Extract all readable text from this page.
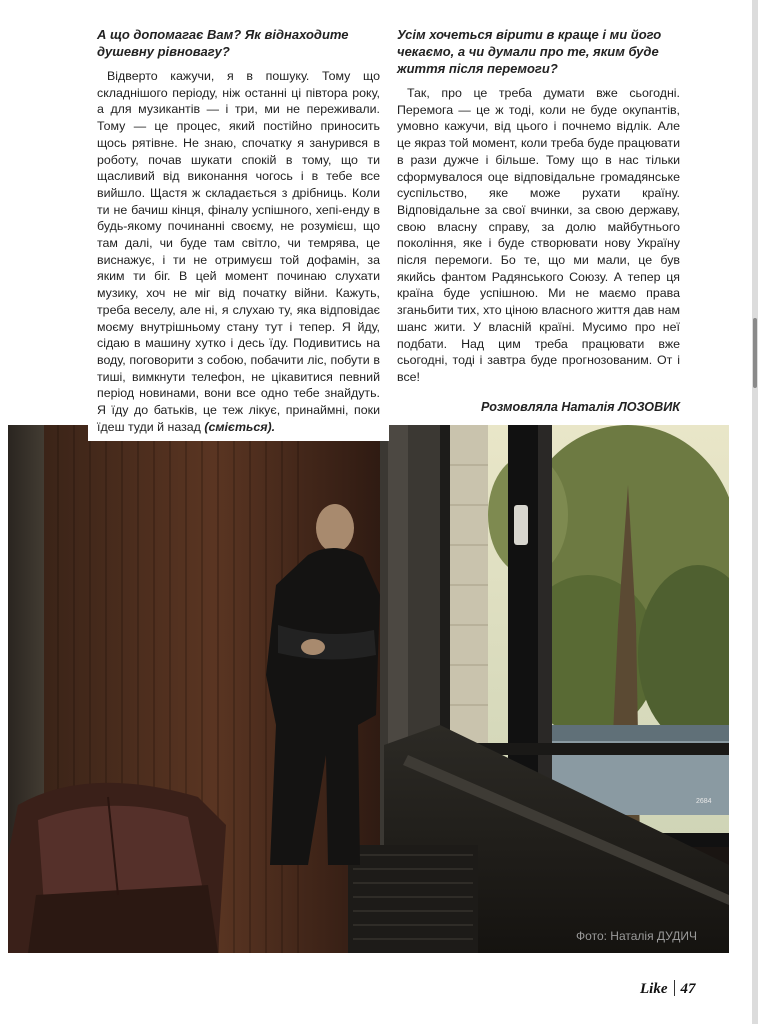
А що допомагає Вам? Як віднаходите душевну рівновагу?

Відверто кажучи, я в пошуку. Тому що складнішого періоду, ніж останні ці півтора року, а для музикантів — і три, ми не переживали. Тому — це процес, який постійно приносить щось рятівне. Не знаю, спочатку я занурився в роботу, почав шукати спокій в тому, що ти щасливий від виконання чогось і в тебе все вийшло. Щастя ж складається з дрібниць. Коли ти не бачиш кінця, фіналу успішного, хепі-енду в будь-якому починанні своєму, не розумієш, що там далі, чи буде там світло, чи темрява, це виснажує, і ти не отримуєш той дофамін, за яким ти біг. В цей момент починаю слухати музику, хоч не міг від початку війни. Кажуть, треба веселу, але ні, я слухаю ту, яка відповідає моєму внутрішньому стану тут і тепер. Я йду, сідаю в машину хутко і десь їду. Подивитись на воду, поговорити з собою, побачити ліс, побути в тиші, вимкнути телефон, не цікавитися певний період новинами, вони все одно тебе знайдуть. Я їду до батьків, це теж лікує, принаймні, поки їдеш туди й назад (сміється).

Усім хочеться вірити в краще і ми його чекаємо, а чи думали про те, яким буде життя після перемоги?

Так, про це треба думати вже сьогодні. Перемога — це ж тоді, коли не буде окупантів, умовно кажучи, від цього і почнемо відлік. Але це якраз той момент, коли треба буде працювати в рази дужче і більше. Тому що в нас тільки сформувалося оце відповідальне громадянське суспільство, яке може рухати країну. Відповідальне за свої вчинки, за свою державу, свою власну справу, за долю майбутнього покоління, яке і буде створювати нову Україну після перемоги. Бо те, що ми мали, це був якийсь фантом Радянського Союзу. А тепер ця країна буде успішною. Ми не маємо права зганьбити тих, хто ціною власного життя дав нам шанс жити. У власній країні. Мусимо про неї подбати. Над цим треба працювати вже сьогодні, тоді і завтра буде прогнозованим. От і все!

Розмовляла Наталія ЛОЗОВИК
2684
Фото: Наталія ДУДИЧ
Like 47
